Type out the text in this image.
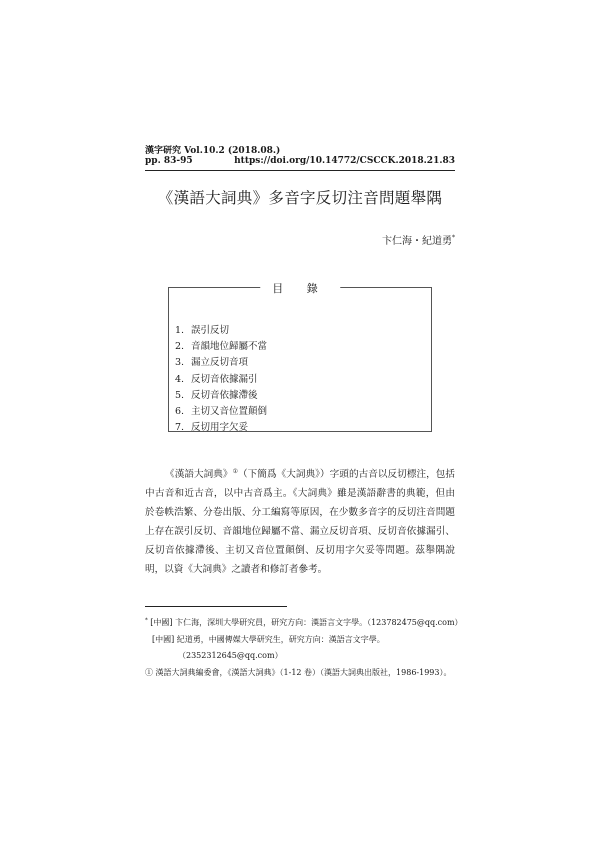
漢字研究 Vol.10.2 (2018.08.)
pp. 83-95	https://doi.org/10.14772/CSCCK.2018.21.83
《漢語大詞典》多音字反切注音問題舉隅
卞仁海・紀道勇*
目 錄
1. 誤引反切
2. 音韻地位歸屬不當
3. 漏立反切音項
4. 反切音依據漏引
5. 反切音依據滯後
6. 主切又音位置顛倒
7. 反切用字欠妥

《漢語大詞典》①（下簡爲《大詞典》）字頭的古音以反切標注，包括中古音和近古音，以中古音爲主。《大詞典》雖是漢語辭書的典範，但由於卷帙浩繁、分卷出版、分工編寫等原因，在少數多音字的反切注音問題上存在誤引反切、音韻地位歸屬不當、漏立反切音項、反切音依據漏引、反切音依據滯後、主切又音位置顛倒、反切用字欠妥等問題。茲舉隅說明，以資《大詞典》之讀者和修訂者參考。

* [中國] 卞仁海，深圳大學研究員，研究方向：漢語言文字學。（123782475@qq.com）
[中國] 紀道勇，中國傳媒大學研究生，研究方向：漢語言文字學。
（2352312645@qq.com）
① 漢語大詞典編委會，《漢語大詞典》（1-12 卷）（漢語大詞典出版社，1986-1993）。
